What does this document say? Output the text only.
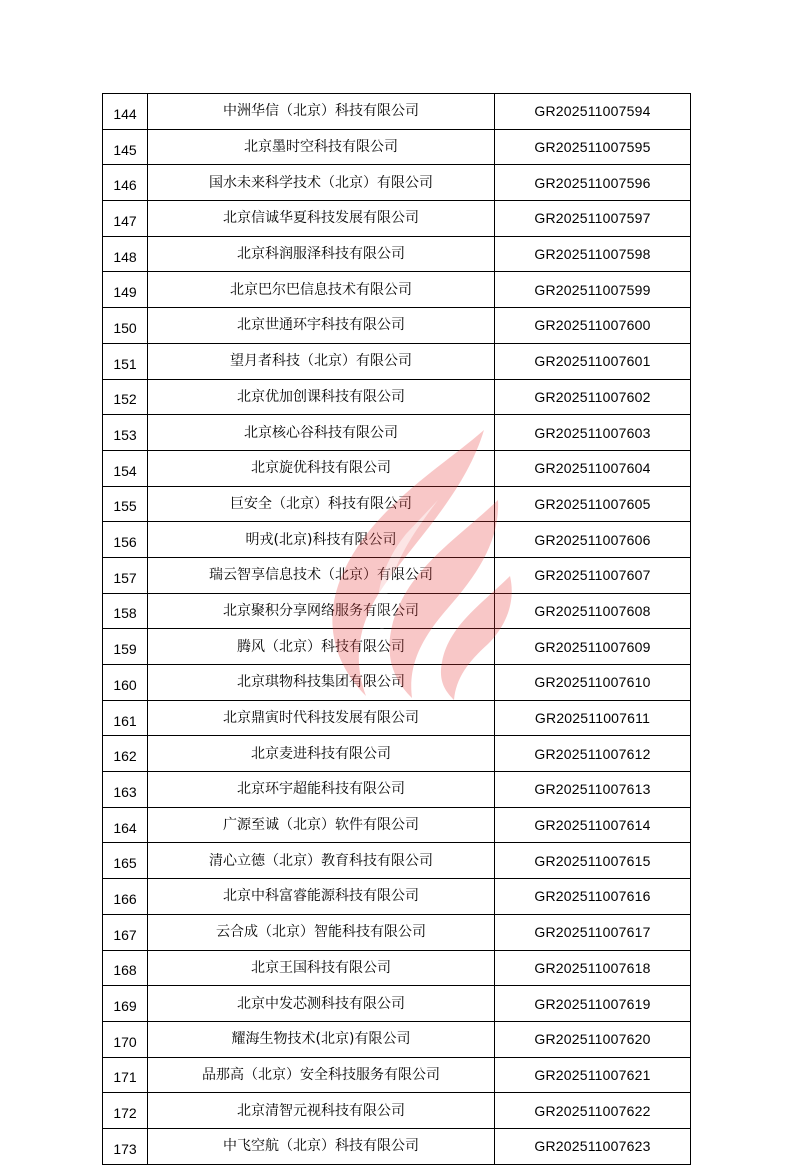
144	中洲华信（北京）科技有限公司	GR202511007594
145	北京墨时空科技有限公司	GR202511007595
146	国水未来科学技术（北京）有限公司	GR202511007596
147	北京信诚华夏科技发展有限公司	GR202511007597
148	北京科润服泽科技有限公司	GR202511007598
149	北京巴尔巴信息技术有限公司	GR202511007599
150	北京世通环宇科技有限公司	GR202511007600
151	望月者科技（北京）有限公司	GR202511007601
152	北京优加创课科技有限公司	GR202511007602
153	北京核心谷科技有限公司	GR202511007603
154	北京旋优科技有限公司	GR202511007604
155	巨安全（北京）科技有限公司	GR202511007605
156	明戎(北京)科技有限公司	GR202511007606
157	瑞云智享信息技术（北京）有限公司	GR202511007607
158	北京聚积分享网络服务有限公司	GR202511007608
159	腾风（北京）科技有限公司	GR202511007609
160	北京琪物科技集团有限公司	GR202511007610
161	北京鼎寅时代科技发展有限公司	GR202511007611
162	北京麦进科技有限公司	GR202511007612
163	北京环宇超能科技有限公司	GR202511007613
164	广源至诚（北京）软件有限公司	GR202511007614
165	清心立德（北京）教育科技有限公司	GR202511007615
166	北京中科富睿能源科技有限公司	GR202511007616
167	云合成（北京）智能科技有限公司	GR202511007617
168	北京王国科技有限公司	GR202511007618
169	北京中发芯测科技有限公司	GR202511007619
170	耀海生物技术(北京)有限公司	GR202511007620
171	品那高（北京）安全科技服务有限公司	GR202511007621
172	北京清智元视科技有限公司	GR202511007622
173	中飞空航（北京）科技有限公司	GR202511007623
